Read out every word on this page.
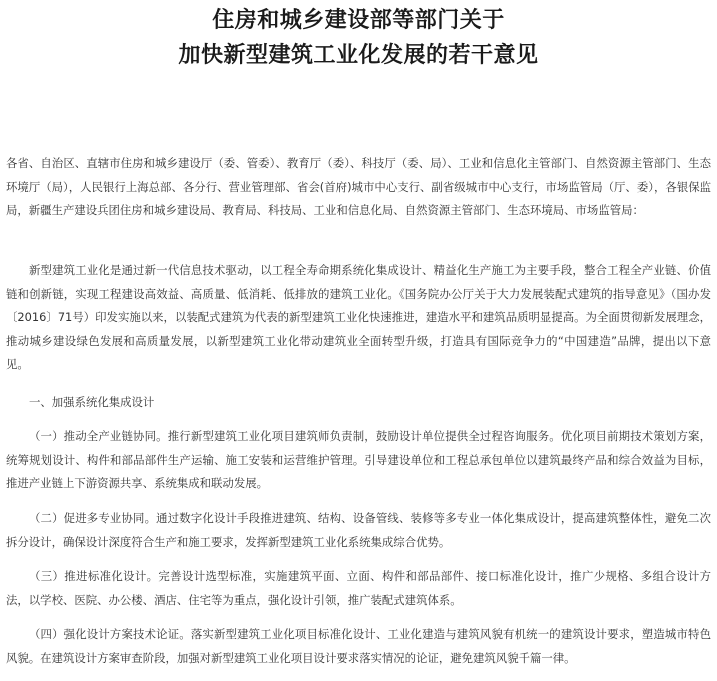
住房和城乡建设部等部门关于
加快新型建筑工业化发展的若干意见

各省、自治区、直辖市住房和城乡建设厅（委、管委）、教育厅（委）、科技厅（委、局）、工业和信息化主管部门、自然资源主管部门、生态环境厅（局），人民银行上海总部、各分行、营业管理部、省会(首府)城市中心支行、副省级城市中心支行，市场监管局（厅、委），各银保监局，新疆生产建设兵团住房和城乡建设局、教育局、科技局、工业和信息化局、自然资源主管部门、生态环境局、市场监管局：

新型建筑工业化是通过新一代信息技术驱动，以工程全寿命期系统化集成设计、精益化生产施工为主要手段，整合工程全产业链、价值链和创新链，实现工程建设高效益、高质量、低消耗、低排放的建筑工业化。《国务院办公厅关于大力发展装配式建筑的指导意见》（国办发〔2016〕71号）印发实施以来，以装配式建筑为代表的新型建筑工业化快速推进，建造水平和建筑品质明显提高。为全面贯彻新发展理念，推动城乡建设绿色发展和高质量发展，以新型建筑工业化带动建筑业全面转型升级，打造具有国际竞争力的“中国建造”品牌，提出以下意见。

一、加强系统化集成设计

（一）推动全产业链协同。推行新型建筑工业化项目建筑师负责制，鼓励设计单位提供全过程咨询服务。优化项目前期技术策划方案，统筹规划设计、构件和部品部件生产运输、施工安装和运营维护管理。引导建设单位和工程总承包单位以建筑最终产品和综合效益为目标，推进产业链上下游资源共享、系统集成和联动发展。

（二）促进多专业协同。通过数字化设计手段推进建筑、结构、设备管线、装修等多专业一体化集成设计，提高建筑整体性，避免二次拆分设计，确保设计深度符合生产和施工要求，发挥新型建筑工业化系统集成综合优势。

（三）推进标准化设计。完善设计选型标准，实施建筑平面、立面、构件和部品部件、接口标准化设计，推广少规格、多组合设计方法，以学校、医院、办公楼、酒店、住宅等为重点，强化设计引领，推广装配式建筑体系。

（四）强化设计方案技术论证。落实新型建筑工业化项目标准化设计、工业化建造与建筑风貌有机统一的建筑设计要求，塑造城市特色风貌。在建筑设计方案审查阶段，加强对新型建筑工业化项目设计要求落实情况的论证，避免建筑风貌千篇一律。
